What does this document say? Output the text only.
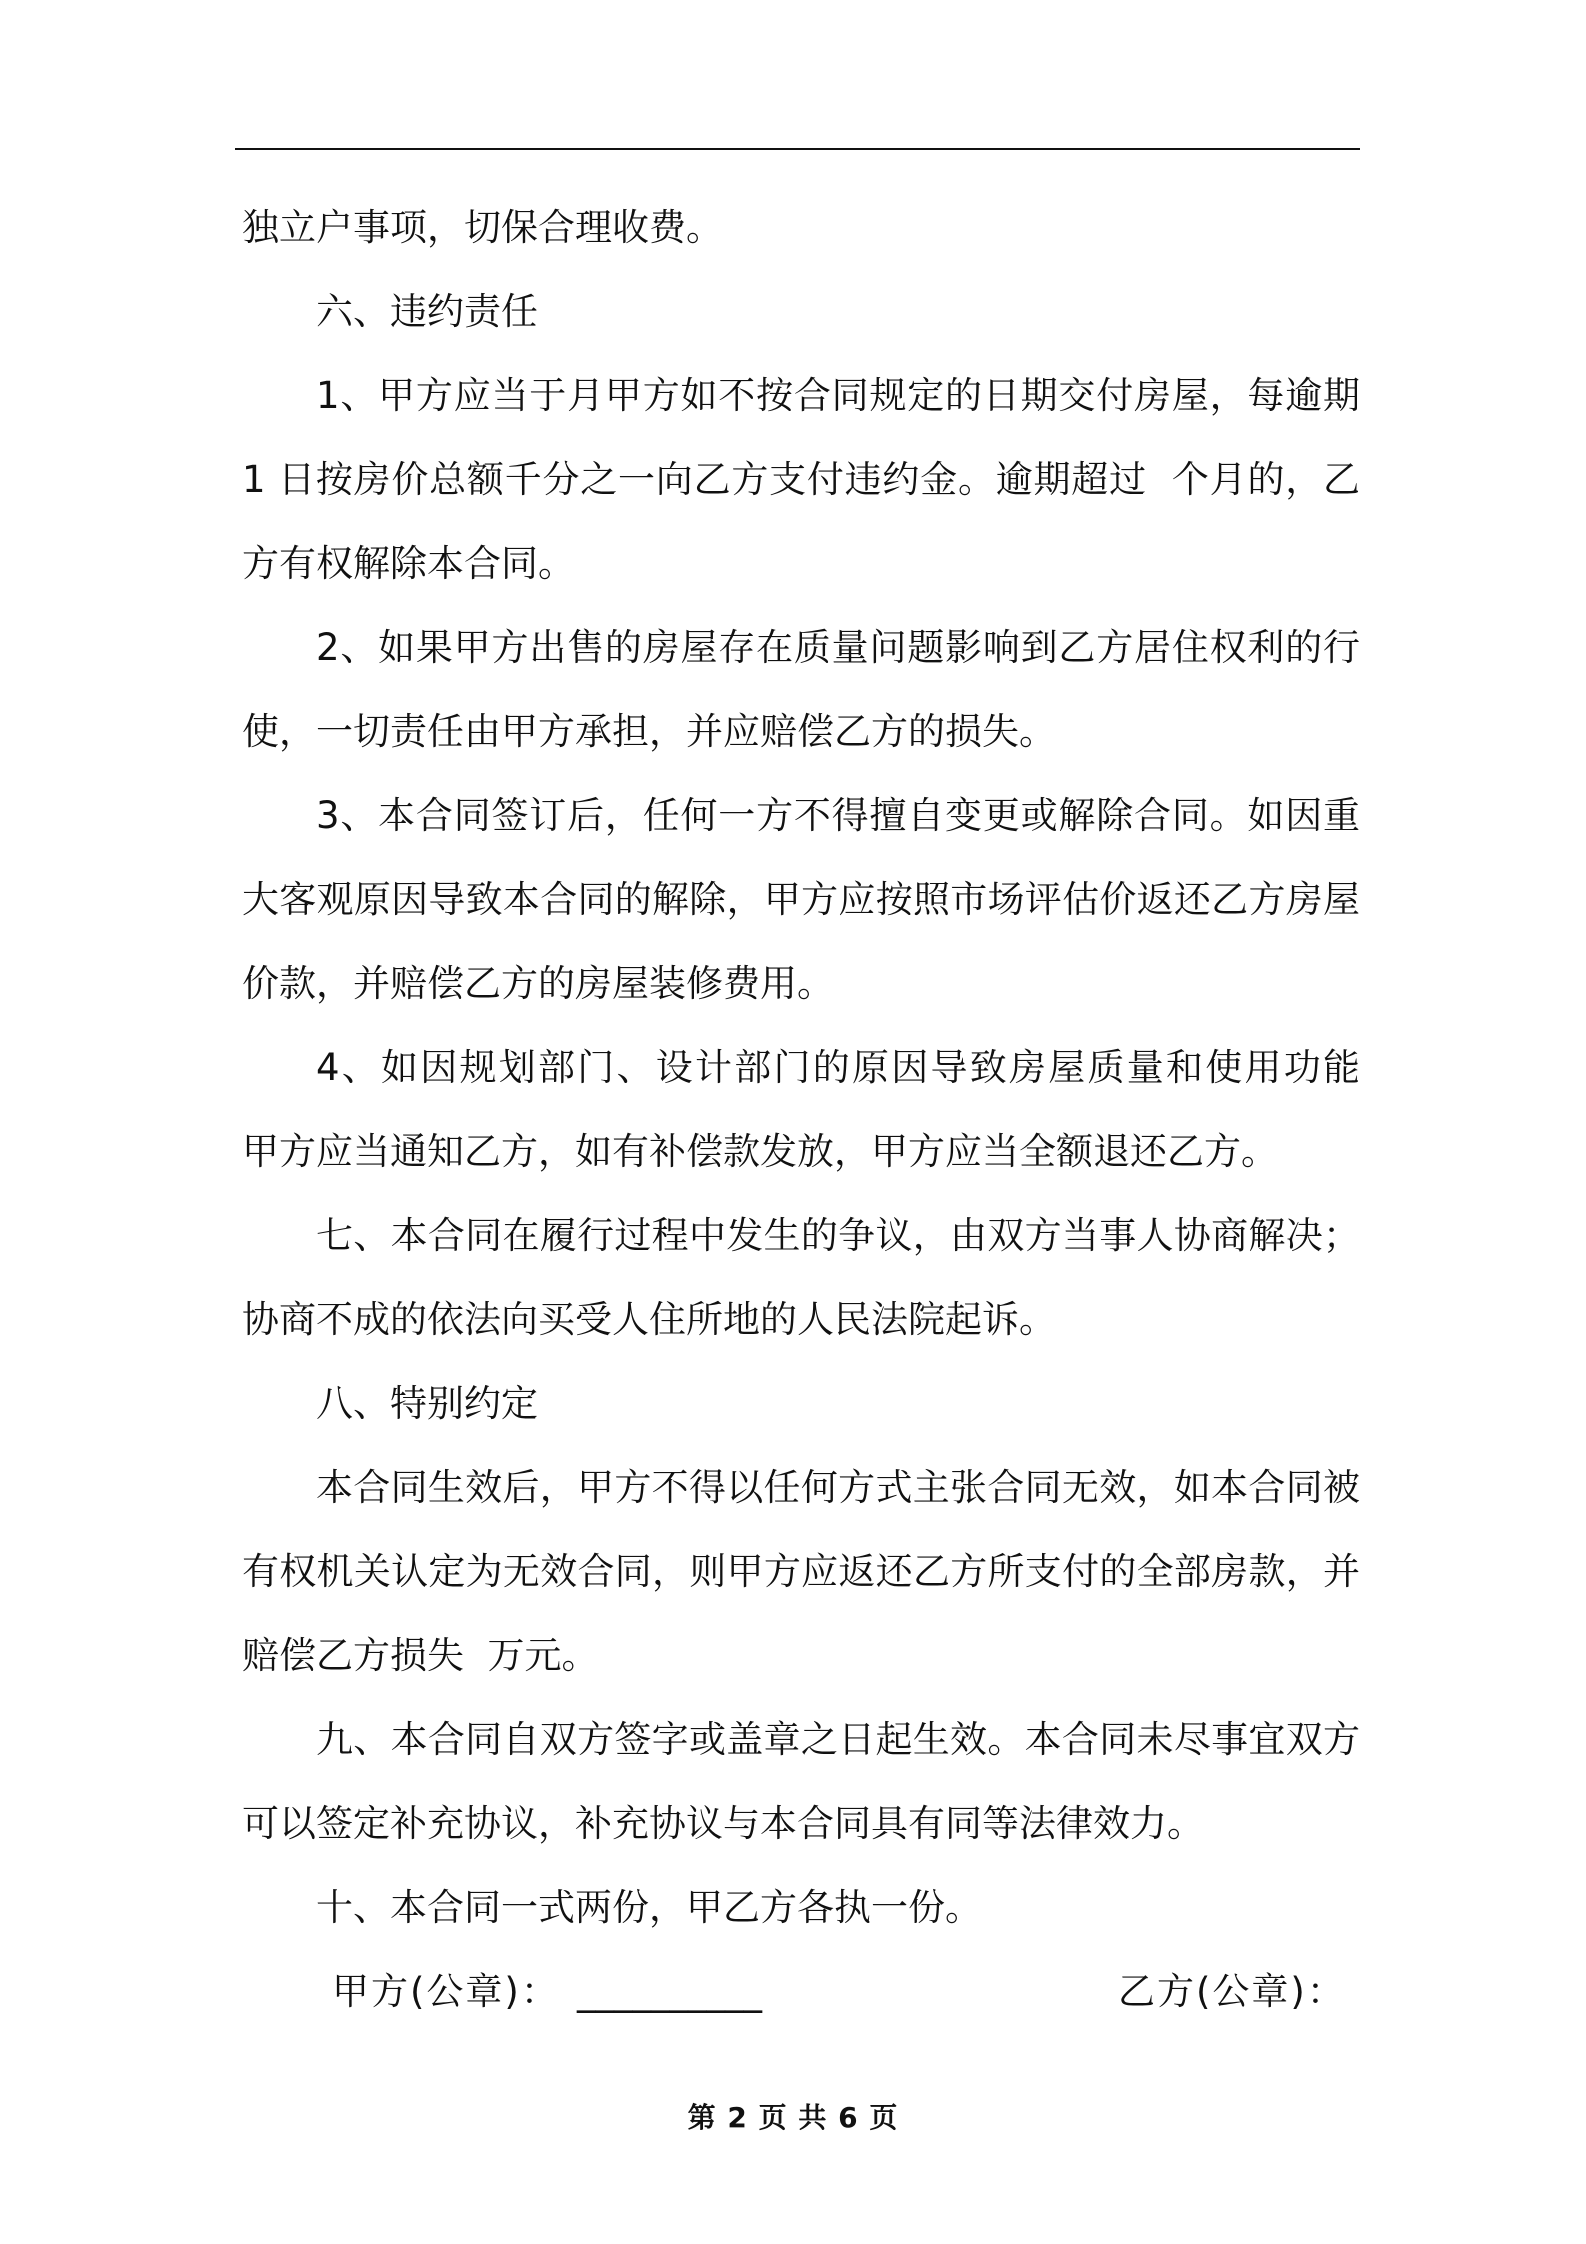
独立户事项，切保合理收费。
六、违约责任
1、甲方应当于月甲方如不按合同规定的日期交付房屋，每逾期
1 日按房价总额千分之一向乙方支付违约金。逾期超过  个月的，乙
方有权解除本合同。
2、如果甲方出售的房屋存在质量问题影响到乙方居住权利的行
使，一切责任由甲方承担，并应赔偿乙方的损失。
3、本合同签订后，任何一方不得擅自变更或解除合同。如因重
大客观原因导致本合同的解除，甲方应按照市场评估价返还乙方房屋
价款，并赔偿乙方的房屋装修费用。
4、如因规划部门、设计部门的原因导致房屋质量和使用功能
甲方应当通知乙方，如有补偿款发放，甲方应当全额退还乙方。
七、本合同在履行过程中发生的争议，由双方当事人协商解决；
协商不成的依法向买受人住所地的人民法院起诉。
八、特别约定
本合同生效后，甲方不得以任何方式主张合同无效，如本合同被
有权机关认定为无效合同，则甲方应返还乙方所支付的全部房款，并
赔偿乙方损失  万元。
九、本合同自双方签字或盖章之日起生效。本合同未尽事宜双方
可以签定补充协议，补充协议与本合同具有同等法律效力。
十、本合同一式两份，甲乙方各执一份。
甲方(公章)： __________	乙方(公章)：
第 2 页 共 6 页
